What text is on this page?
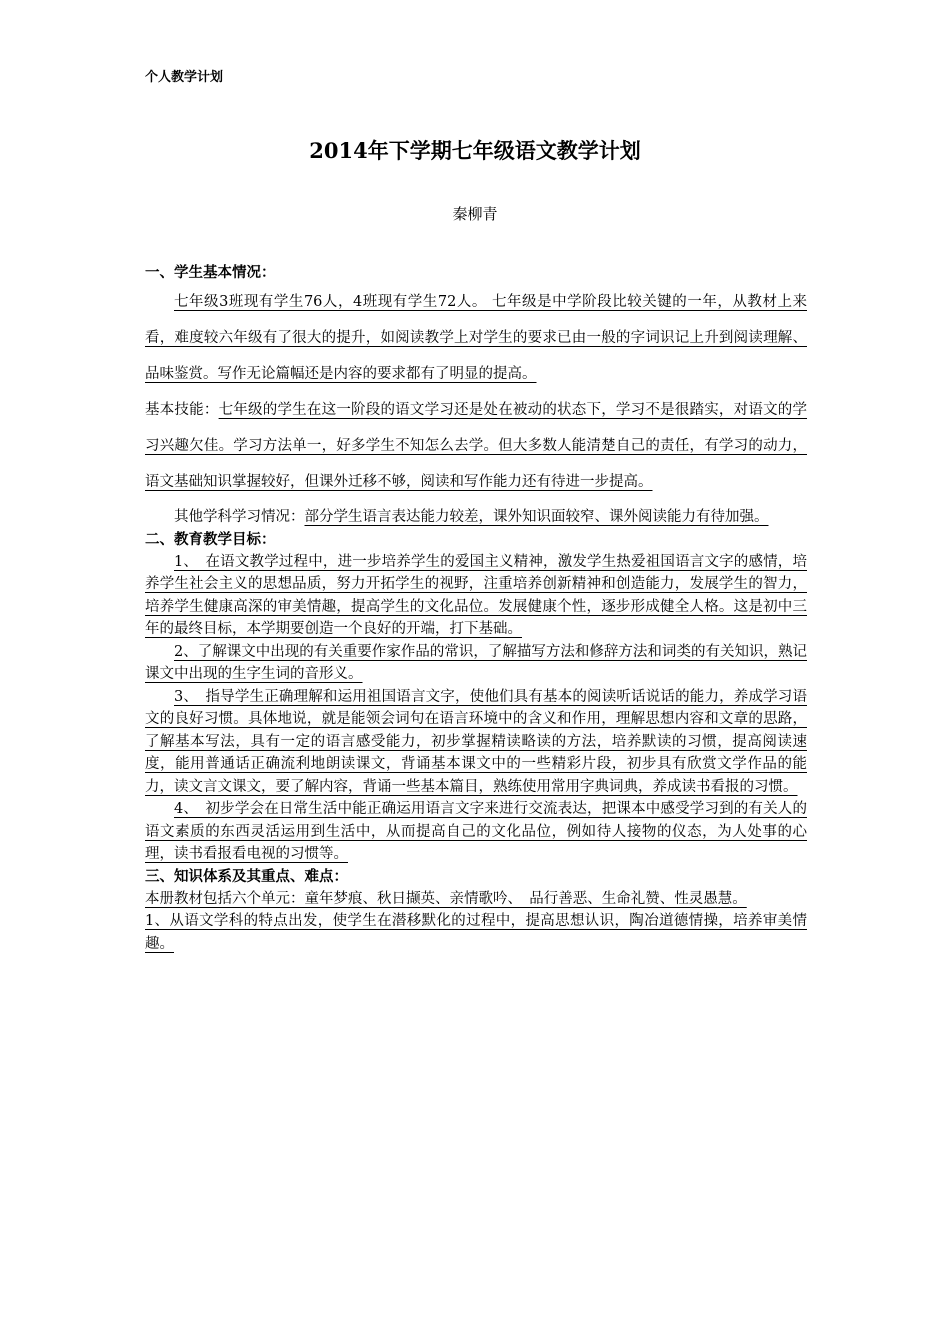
个人教学计划
2014年下学期七年级语文教学计划
秦柳青
一、学生基本情况：

七年级3班现有学生76人，4班现有学生72人。 七年级是中学阶段比较关键的一年，从教材上来看，难度较六年级有了很大的提升，如阅读教学上对学生的要求已由一般的字词识记上升到阅读理解、品味鉴赏。写作无论篇幅还是内容的要求都有了明显的提高。

基本技能：七年级的学生在这一阶段的语文学习还是处在被动的状态下，学习不是很踏实，对语文的学习兴趣欠佳。学习方法单一，好多学生不知怎么去学。但大多数人能清楚自己的责任，有学习的动力，语文基础知识掌握较好，但课外迁移不够，阅读和写作能力还有待进一步提高。

其他学科学习情况：部分学生语言表达能力较差，课外知识面较窄、课外阅读能力有待加强。

二、教育教学目标：

1、　在语文教学过程中，进一步培养学生的爱国主义精神，激发学生热爱祖国语言文字的感情，培养学生社会主义的思想品质，努力开拓学生的视野，注重培养创新精神和创造能力，发展学生的智力，培养学生健康高深的审美情趣，提高学生的文化品位。发展健康个性，逐步形成健全人格。这是初中三年的最终目标，本学期要创造一个良好的开端，打下基础。

2、了解课文中出现的有关重要作家作品的常识，了解描写方法和修辞方法和词类的有关知识，熟记课文中出现的生字生词的音形义。

3、　指导学生正确理解和运用祖国语言文字，使他们具有基本的阅读听话说话的能力，养成学习语文的良好习惯。具体地说，就是能领会词句在语言环境中的含义和作用，理解思想内容和文章的思路，了解基本写法，具有一定的语言感受能力，初步掌握精读略读的方法，培养默读的习惯，提高阅读速度，能用普通话正确流利地朗读课文，背诵基本课文中的一些精彩片段，初步具有欣赏文学作品的能力，读文言文课文，要了解内容，背诵一些基本篇目，熟练使用常用字典词典，养成读书看报的习惯。

4、　初步学会在日常生活中能正确运用语言文字来进行交流表达，把课本中感受学习到的有关人的语文素质的东西灵活运用到生活中，从而提高自己的文化品位，例如待人接物的仪态，为人处事的心理，读书看报看电视的习惯等。

三、知识体系及其重点、难点：

本册教材包括六个单元：童年梦痕、秋日撷英、亲情歌吟、　品行善恶、生命礼赞、性灵愚慧。

1、从语文学科的特点出发，使学生在潜移默化的过程中，提高思想认识，陶冶道德情操，培养审美情趣。
